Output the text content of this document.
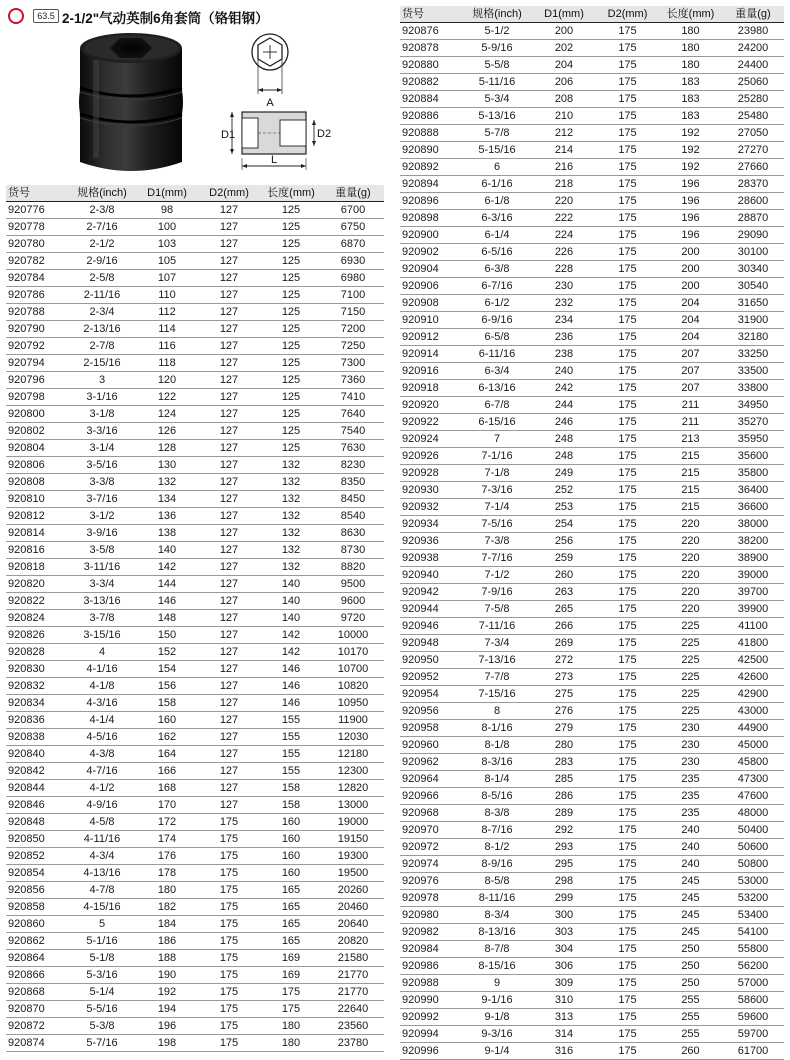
63.5 2-1/2"气动英制6角套筒（铬钼钢）
A
D1	D2
L
货号	规格(inch)	D1(mm)	D2(mm)	长度(mm)	重量(g)
920776	2-3/8	98	127	125	6700
920778	2-7/16	100	127	125	6750
920780	2-1/2	103	127	125	6870
920782	2-9/16	105	127	125	6930
920784	2-5/8	107	127	125	6980
920786	2-11/16	110	127	125	7100
920788	2-3/4	112	127	125	7150
920790	2-13/16	114	127	125	7200
920792	2-7/8	116	127	125	7250
920794	2-15/16	118	127	125	7300
920796	3	120	127	125	7360
920798	3-1/16	122	127	125	7410
920800	3-1/8	124	127	125	7640
920802	3-3/16	126	127	125	7540
920804	3-1/4	128	127	125	7630
920806	3-5/16	130	127	132	8230
920808	3-3/8	132	127	132	8350
920810	3-7/16	134	127	132	8450
920812	3-1/2	136	127	132	8540
920814	3-9/16	138	127	132	8630
920816	3-5/8	140	127	132	8730
920818	3-11/16	142	127	132	8820
920820	3-3/4	144	127	140	9500
920822	3-13/16	146	127	140	9600
920824	3-7/8	148	127	140	9720
920826	3-15/16	150	127	142	10000
920828	4	152	127	142	10170
920830	4-1/16	154	127	146	10700
920832	4-1/8	156	127	146	10820
920834	4-3/16	158	127	146	10950
920836	4-1/4	160	127	155	11900
920838	4-5/16	162	127	155	12030
920840	4-3/8	164	127	155	12180
920842	4-7/16	166	127	155	12300
920844	4-1/2	168	127	158	12820
920846	4-9/16	170	127	158	13000
920848	4-5/8	172	175	160	19000
920850	4-11/16	174	175	160	19150
920852	4-3/4	176	175	160	19300
920854	4-13/16	178	175	160	19500
920856	4-7/8	180	175	165	20260
920858	4-15/16	182	175	165	20460
920860	5	184	175	165	20640
920862	5-1/16	186	175	165	20820
920864	5-1/8	188	175	169	21580
920866	5-3/16	190	175	169	21770
920868	5-1/4	192	175	175	21770
920870	5-5/16	194	175	175	22640
920872	5-3/8	196	175	180	23560
920874	5-7/16	198	175	180	23780
货号	规格(inch)	D1(mm)	D2(mm)	长度(mm)	重量(g)
920876	5-1/2	200	175	180	23980
920878	5-9/16	202	175	180	24200
920880	5-5/8	204	175	180	24400
920882	5-11/16	206	175	183	25060
920884	5-3/4	208	175	183	25280
920886	5-13/16	210	175	183	25480
920888	5-7/8	212	175	192	27050
920890	5-15/16	214	175	192	27270
920892	6	216	175	192	27660
920894	6-1/16	218	175	196	28370
920896	6-1/8	220	175	196	28600
920898	6-3/16	222	175	196	28870
920900	6-1/4	224	175	196	29090
920902	6-5/16	226	175	200	30100
920904	6-3/8	228	175	200	30340
920906	6-7/16	230	175	200	30540
920908	6-1/2	232	175	204	31650
920910	6-9/16	234	175	204	31900
920912	6-5/8	236	175	204	32180
920914	6-11/16	238	175	207	33250
920916	6-3/4	240	175	207	33500
920918	6-13/16	242	175	207	33800
920920	6-7/8	244	175	211	34950
920922	6-15/16	246	175	211	35270
920924	7	248	175	213	35950
920926	7-1/16	248	175	215	35600
920928	7-1/8	249	175	215	35800
920930	7-3/16	252	175	215	36400
920932	7-1/4	253	175	215	36600
920934	7-5/16	254	175	220	38000
920936	7-3/8	256	175	220	38200
920938	7-7/16	259	175	220	38900
920940	7-1/2	260	175	220	39000
920942	7-9/16	263	175	220	39700
920944	7-5/8	265	175	220	39900
920946	7-11/16	266	175	225	41100
920948	7-3/4	269	175	225	41800
920950	7-13/16	272	175	225	42500
920952	7-7/8	273	175	225	42600
920954	7-15/16	275	175	225	42900
920956	8	276	175	225	43000
920958	8-1/16	279	175	230	44900
920960	8-1/8	280	175	230	45000
920962	8-3/16	283	175	230	45800
920964	8-1/4	285	175	235	47300
920966	8-5/16	286	175	235	47600
920968	8-3/8	289	175	235	48000
920970	8-7/16	292	175	240	50400
920972	8-1/2	293	175	240	50600
920974	8-9/16	295	175	240	50800
920976	8-5/8	298	175	245	53000
920978	8-11/16	299	175	245	53200
920980	8-3/4	300	175	245	53400
920982	8-13/16	303	175	245	54100
920984	8-7/8	304	175	250	55800
920986	8-15/16	306	175	250	56200
920988	9	309	175	250	57000
920990	9-1/16	310	175	255	58600
920992	9-1/8	313	175	255	59600
920994	9-3/16	314	175	255	59700
920996	9-1/4	316	175	260	61700
